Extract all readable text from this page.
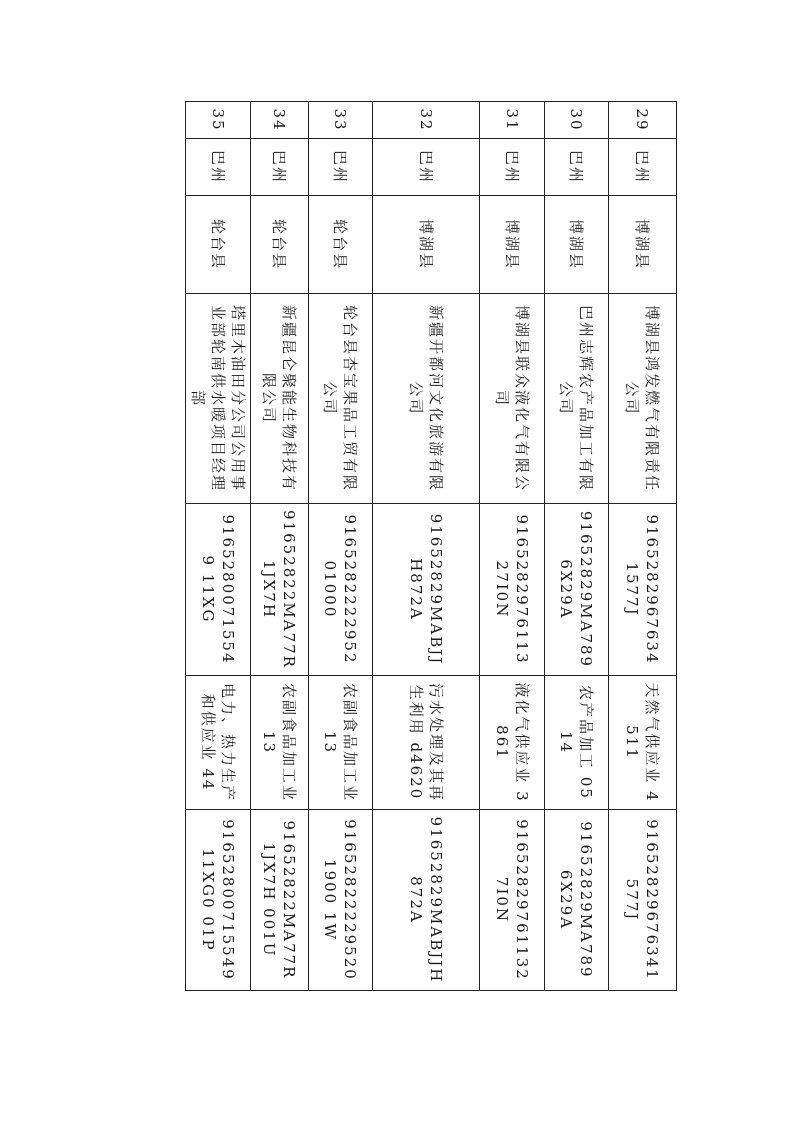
29	巴州	博湖县	博湖县鸿发燃气有限责任公司	91652829676341577J	天然气供应业 4511	91652829676341577J
30	巴州	博湖县	巴州志辉农产品加工有限公司	91652829MA7896X29A	农产品加工 0514	91652829MA7896X29A
31	巴州	博湖县	博湖县联众液化气有限公司	916528297611327I0N	液化气供应业 3861	916528297611327I0N
32	巴州	博湖县	新疆开都河文化旅游有限公司	91652829MABJJH872A	污水处理及其再生利用 d4620	91652829MABJJH872A
33	巴州	轮台县	轮台县杏宝果品工贸有限公司	916528222295201000	农副食品加工业 13	916528222295201900 1W
34	巴州	轮台县	新疆昆仑聚能生物科技有限公司	91652822MA77R1JX7H	农副食品加工业 13	91652822MA77R1JX7H 001U
35	巴州	轮台县	塔里木油田分公司公用事业部轮南供水暖项目经理部	91652800715549 11XG	电力、热力生产和供应业 44	91652800715549 11XG0 01P
